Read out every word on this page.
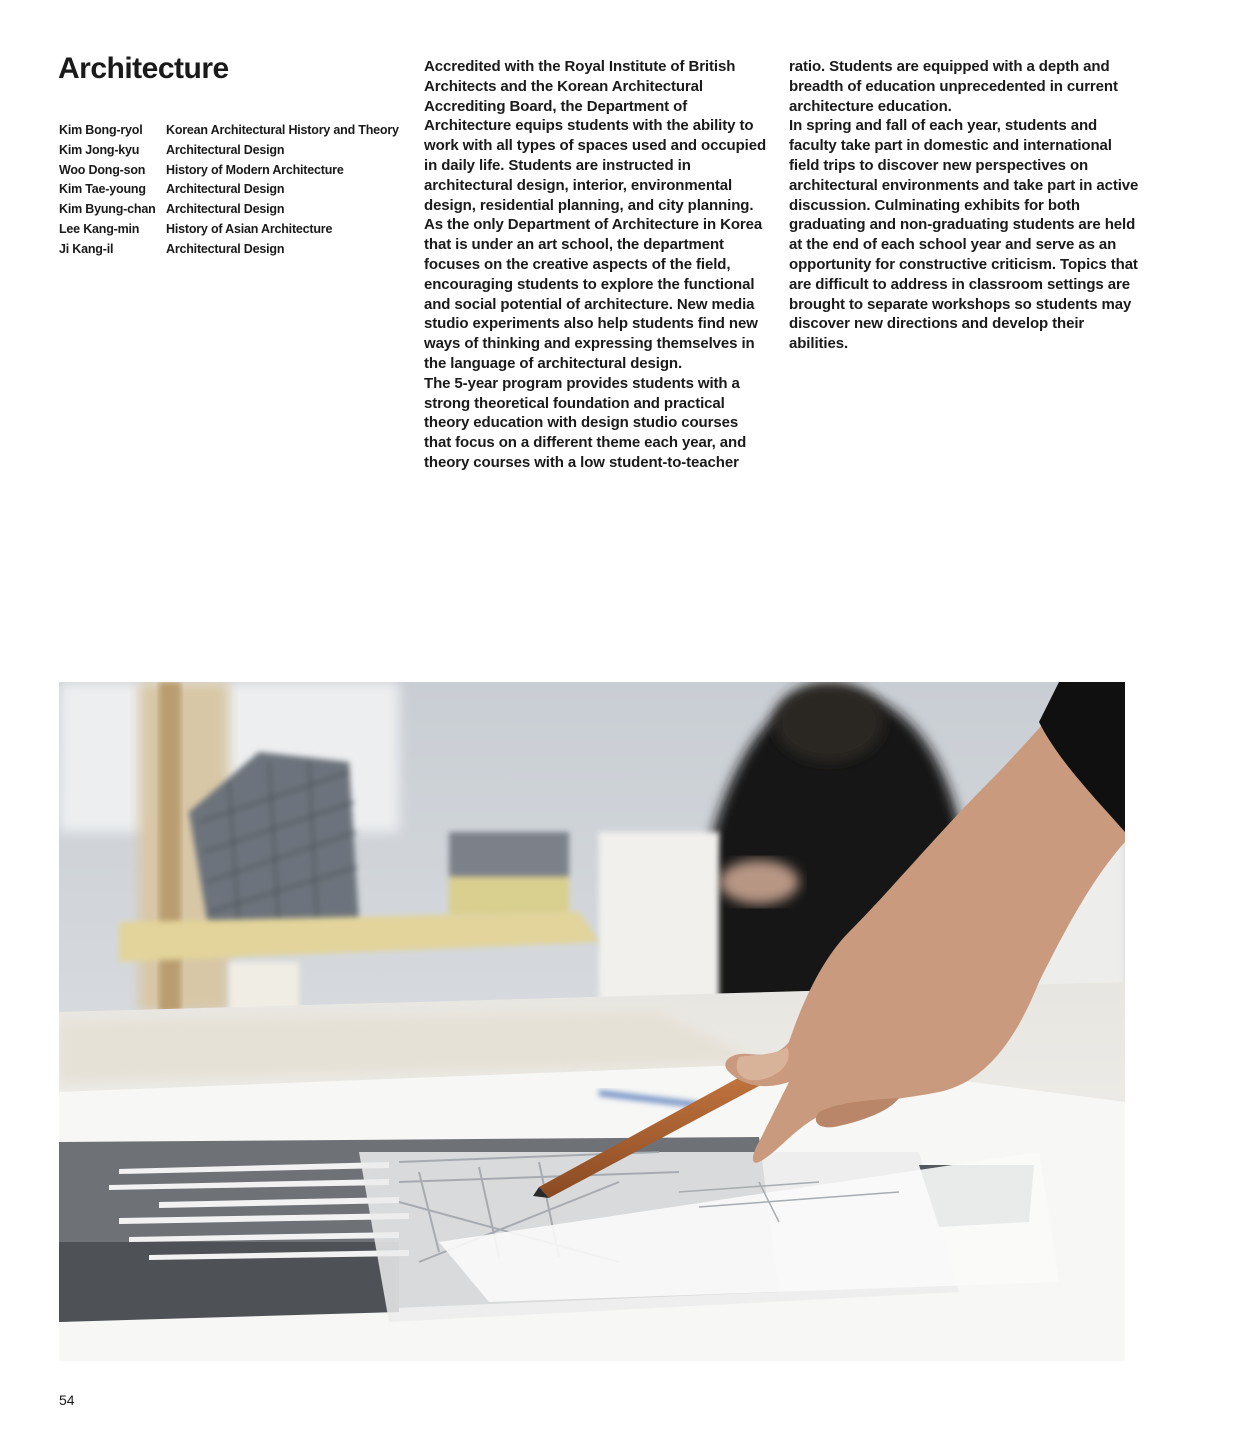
Architecture
Kim Bong-ryol	Korean Architectural History and Theory
Kim Jong-kyu	Architectural Design
Woo Dong-son	History of Modern Architecture
Kim Tae-young	Architectural Design
Kim Byung-chan Architectural Design
Lee Kang-min	History of Asian Architecture
Ji Kang-il	Architectural Design

Accredited with the Royal Institute of British Architects and the Korean Architectural Accrediting Board, the Department of Architecture equips students with the ability to work with all types of spaces used and occupied in daily life. Students are instructed in architectural design, interior, environmental design, residential planning, and city planning. As the only Department of Architecture in Korea that is under an art school, the department focuses on the creative aspects of the field, encouraging students to explore the functional and social potential of architecture. New media studio experiments also help students find new ways of thinking and expressing themselves in the language of architectural design.

The 5-year program provides students with a strong theoretical foundation and practical theory education with design studio courses that focus on a different theme each year, and theory courses with a low student-to-teacher

ratio. Students are equipped with a depth and breadth of education unprecedented in current architecture education.

In spring and fall of each year, students and faculty take part in domestic and international field trips to discover new perspectives on architectural environments and take part in active discussion. Culminating exhibits for both graduating and non-graduating students are held at the end of each school year and serve as an opportunity for constructive criticism. Topics that are difficult to address in classroom settings are brought to separate workshops so students may discover new directions and develop their abilities.

54
